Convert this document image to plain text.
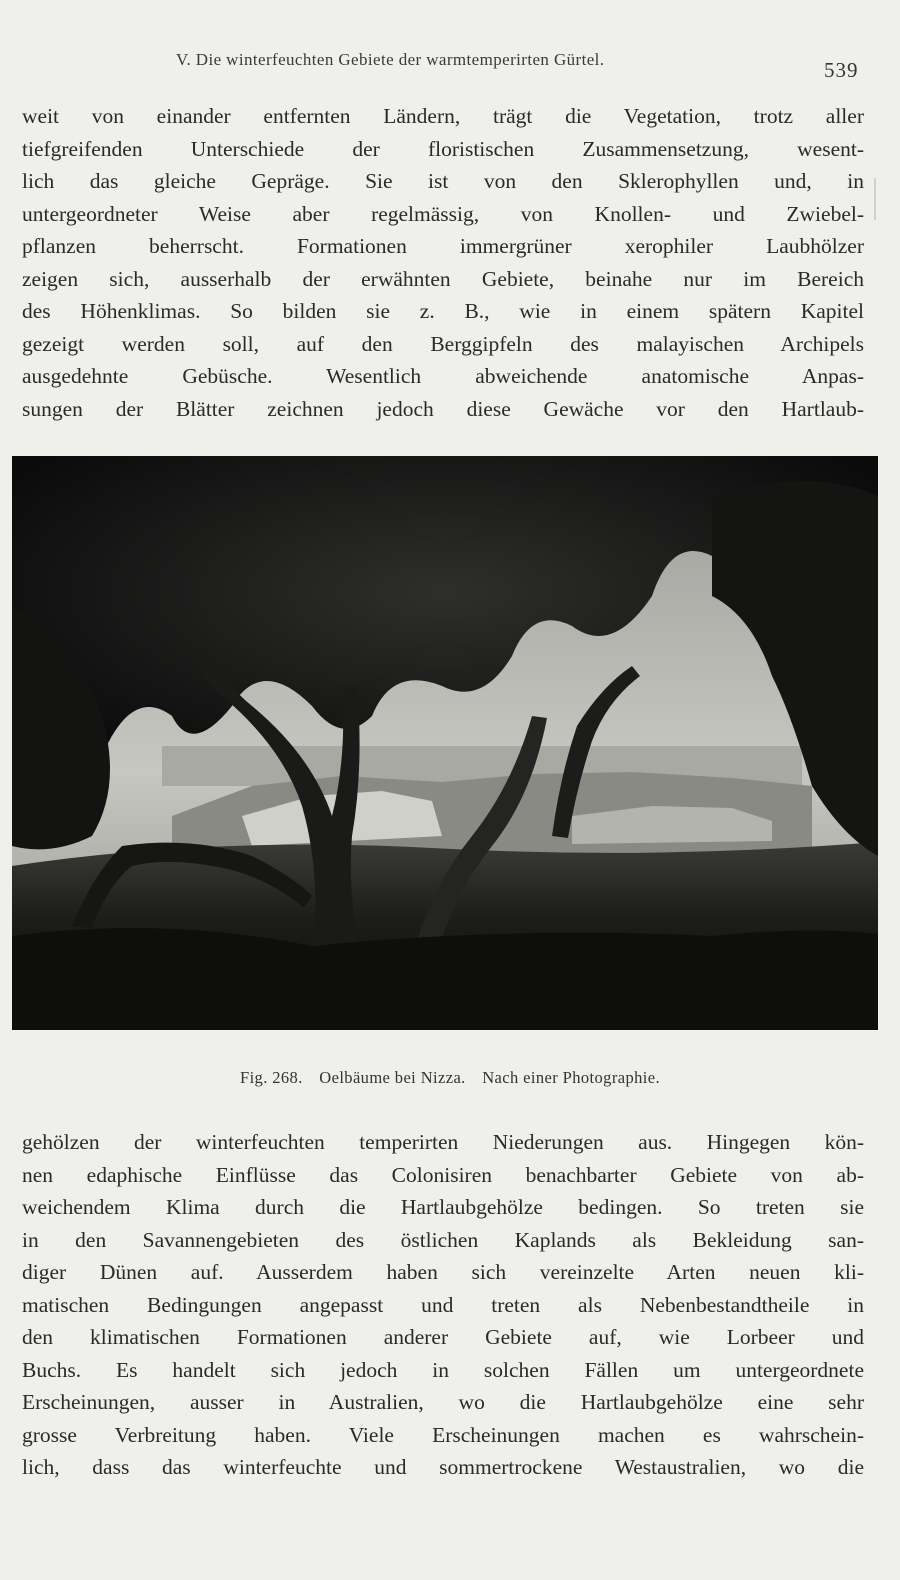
V. Die winterfeuchten Gebiete der warmtemperirten Gürtel.	539
weit von einander entfernten Ländern, trägt die Vegetation, trotz aller
tiefgreifenden Unterschiede der floristischen Zusammensetzung, wesent-
lich das gleiche Gepräge. Sie ist von den Sklerophyllen und, in
untergeordneter Weise aber regelmässig, von Knollen- und Zwiebel-
pflanzen beherrscht. Formationen immergrüner xerophiler Laubhölzer
zeigen sich, ausserhalb der erwähnten Gebiete, beinahe nur im Bereich
des Höhenklimas. So bilden sie z. B., wie in einem spätern Kapitel
gezeigt werden soll, auf den Berggipfeln des malayischen Archipels
ausgedehnte Gebüsche. Wesentlich abweichende anatomische Anpas-
sungen der Blätter zeichnen jedoch diese Gewäche vor den Hartlaub-
Fig. 268. Oelbäume bei Nizza. Nach einer Photographie.
gehölzen der winterfeuchten temperirten Niederungen aus. Hingegen kön-
nen edaphische Einflüsse das Colonisiren benachbarter Gebiete von ab-
weichendem Klima durch die Hartlaubgehölze bedingen. So treten sie
in den Savannengebieten des östlichen Kaplands als Bekleidung san-
diger Dünen auf. Ausserdem haben sich vereinzelte Arten neuen kli-
matischen Bedingungen angepasst und treten als Nebenbestandtheile in
den klimatischen Formationen anderer Gebiete auf, wie Lorbeer und
Buchs. Es handelt sich jedoch in solchen Fällen um untergeordnete
Erscheinungen, ausser in Australien, wo die Hartlaubgehölze eine sehr
grosse Verbreitung haben. Viele Erscheinungen machen es wahrschein-
lich, dass das winterfeuchte und sommertrockene Westaustralien, wo die
